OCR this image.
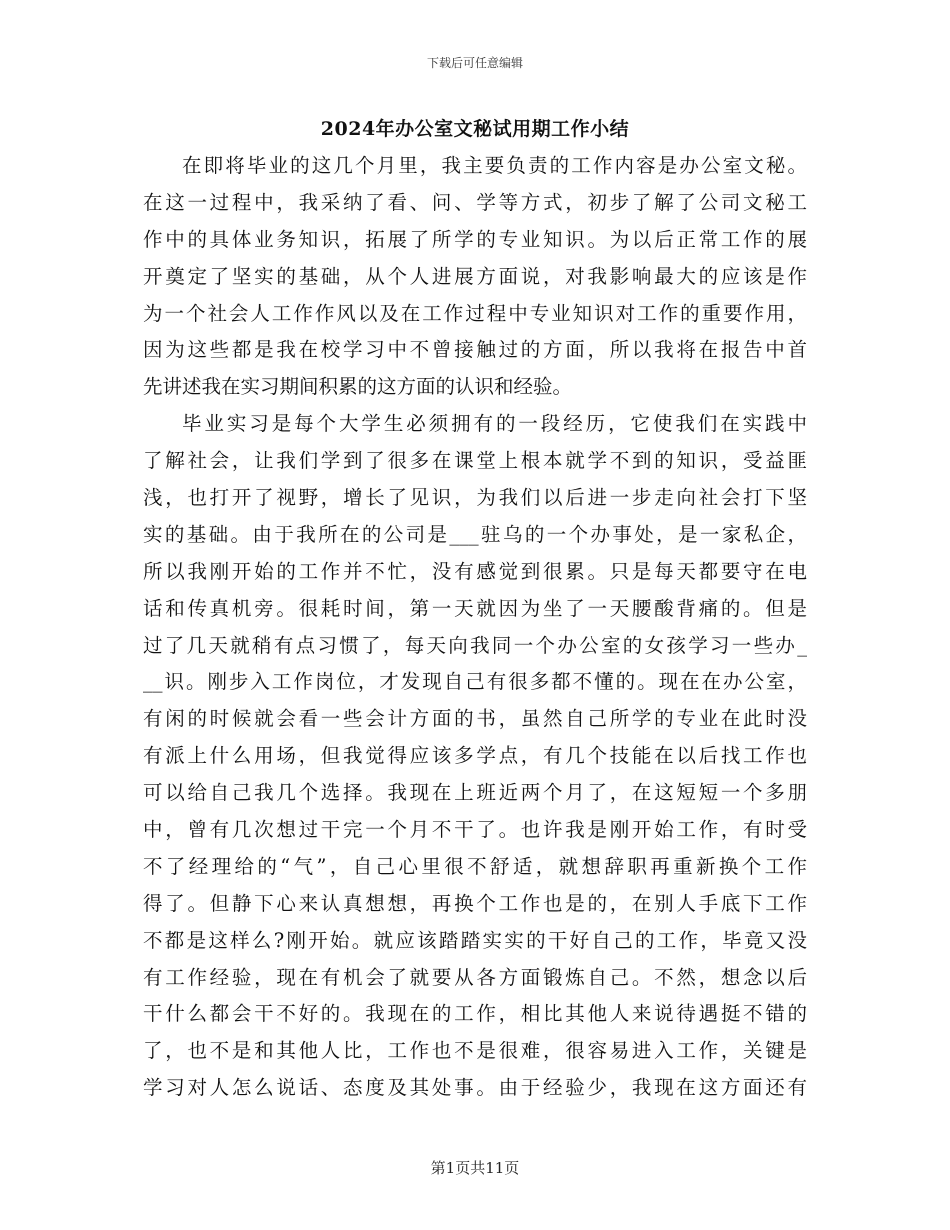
下载后可任意编辑
2024年办公室文秘试用期工作小结
在即将毕业的这几个月里，我主要负责的工作内容是办公室文秘。
在这一过程中，我采纳了看、问、学等方式，初步了解了公司文秘工
作中的具体业务知识，拓展了所学的专业知识。为以后正常工作的展
开奠定了坚实的基础，从个人进展方面说，对我影响最大的应该是作
为一个社会人工作作风以及在工作过程中专业知识对工作的重要作用，
因为这些都是我在校学习中不曾接触过的方面，所以我将在报告中首
先讲述我在实习期间积累的这方面的认识和经验。
毕业实习是每个大学生必须拥有的一段经历，它使我们在实践中
了解社会，让我们学到了很多在课堂上根本就学不到的知识，受益匪
浅，也打开了视野，增长了见识，为我们以后进一步走向社会打下坚
实的基础。由于我所在的公司是___驻乌的一个办事处，是一家私企，
所以我刚开始的工作并不忙，没有感觉到很累。只是每天都要守在电
话和传真机旁。很耗时间，第一天就因为坐了一天腰酸背痛的。但是
过了几天就稍有点习惯了，每天向我同一个办公室的女孩学习一些办_
__识。刚步入工作岗位，才发现自己有很多都不懂的。现在在办公室，
有闲的时候就会看一些会计方面的书，虽然自己所学的专业在此时没
有派上什么用场，但我觉得应该多学点，有几个技能在以后找工作也
可以给自己我几个选择。我现在上班近两个月了，在这短短一个多朋
中，曾有几次想过干完一个月不干了。也许我是刚开始工作，有时受
不了经理给的“气”，自己心里很不舒适，就想辞职再重新换个工作
得了。但静下心来认真想想，再换个工作也是的，在别人手底下工作
不都是这样么?刚开始。就应该踏踏实实的干好自己的工作，毕竟又没
有工作经验，现在有机会了就要从各方面锻炼自己。不然，想念以后
干什么都会干不好的。我现在的工作，相比其他人来说待遇挺不错的
了，也不是和其他人比，工作也不是很难，很容易进入工作，关键是
学习对人怎么说话、态度及其处事。由于经验少，我现在这方面还有
第1页共11页
